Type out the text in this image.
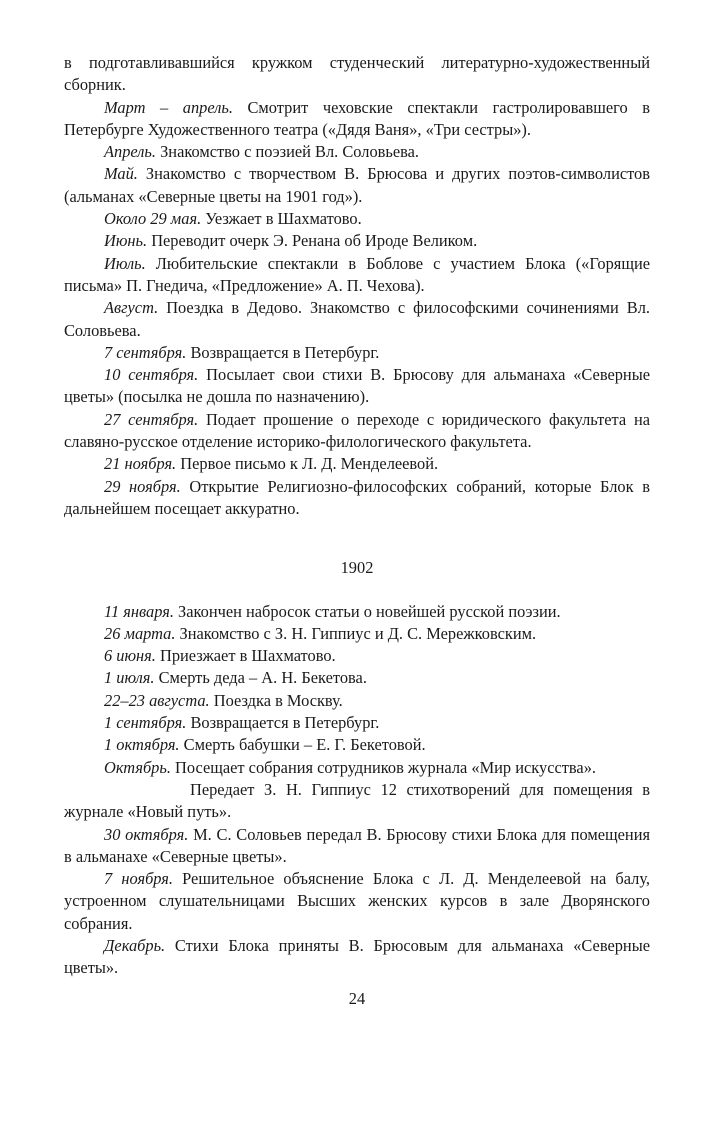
в подготавливавшийся кружком студенческий литературно-художественный сборник.

Март – апрель. Смотрит чеховские спектакли гастролировавшего в Петербурге Художественного театра («Дядя Ваня», «Три сестры»).

Апрель. Знакомство с поэзией Вл. Соловьева.

Май. Знакомство с творчеством В. Брюсова и других поэтов-символистов (альманах «Северные цветы на 1901 год»).

Около 29 мая. Уезжает в Шахматово.

Июнь. Переводит очерк Э. Ренана об Ироде Великом.

Июль. Любительские спектакли в Боблове с участием Блока («Горящие письма» П. Гнедича, «Предложение» А. П. Чехова).

Август. Поездка в Дедово. Знакомство с философскими сочинениями Вл. Соловьева.

7 сентября. Возвращается в Петербург.

10 сентября. Посылает свои стихи В. Брюсову для альманаха «Северные цветы» (посылка не дошла по назначению).

27 сентября. Подает прошение о переходе с юридического факультета на славяно-русское отделение историко-филологического факультета.

21 ноября. Первое письмо к Л. Д. Менделеевой.

29 ноября. Открытие Религиозно-философских собраний, которые Блок в дальнейшем посещает аккуратно.

1902

11 января. Закончен набросок статьи о новейшей русской поэзии.

26 марта. Знакомство с З. Н. Гиппиус и Д. С. Мережковским.

6 июня. Приезжает в Шахматово.

1 июля. Смерть деда – А. Н. Бекетова.

22–23 августа. Поездка в Москву.

1 сентября. Возвращается в Петербург.

1 октября. Смерть бабушки – Е. Г. Бекетовой.

Октябрь. Посещает собрания сотрудников журнала «Мир искусства».

Передает З. Н. Гиппиус 12 стихотворений для помещения в журнале «Новый путь».

30 октября. М. С. Соловьев передал В. Брюсову стихи Блока для помещения в альманахе «Северные цветы».

7 ноября. Решительное объяснение Блока с Л. Д. Менделеевой на балу, устроенном слушательницами Высших женских курсов в зале Дворянского собрания.

Декабрь. Стихи Блока приняты В. Брюсовым для альманаха «Северные цветы».

24
